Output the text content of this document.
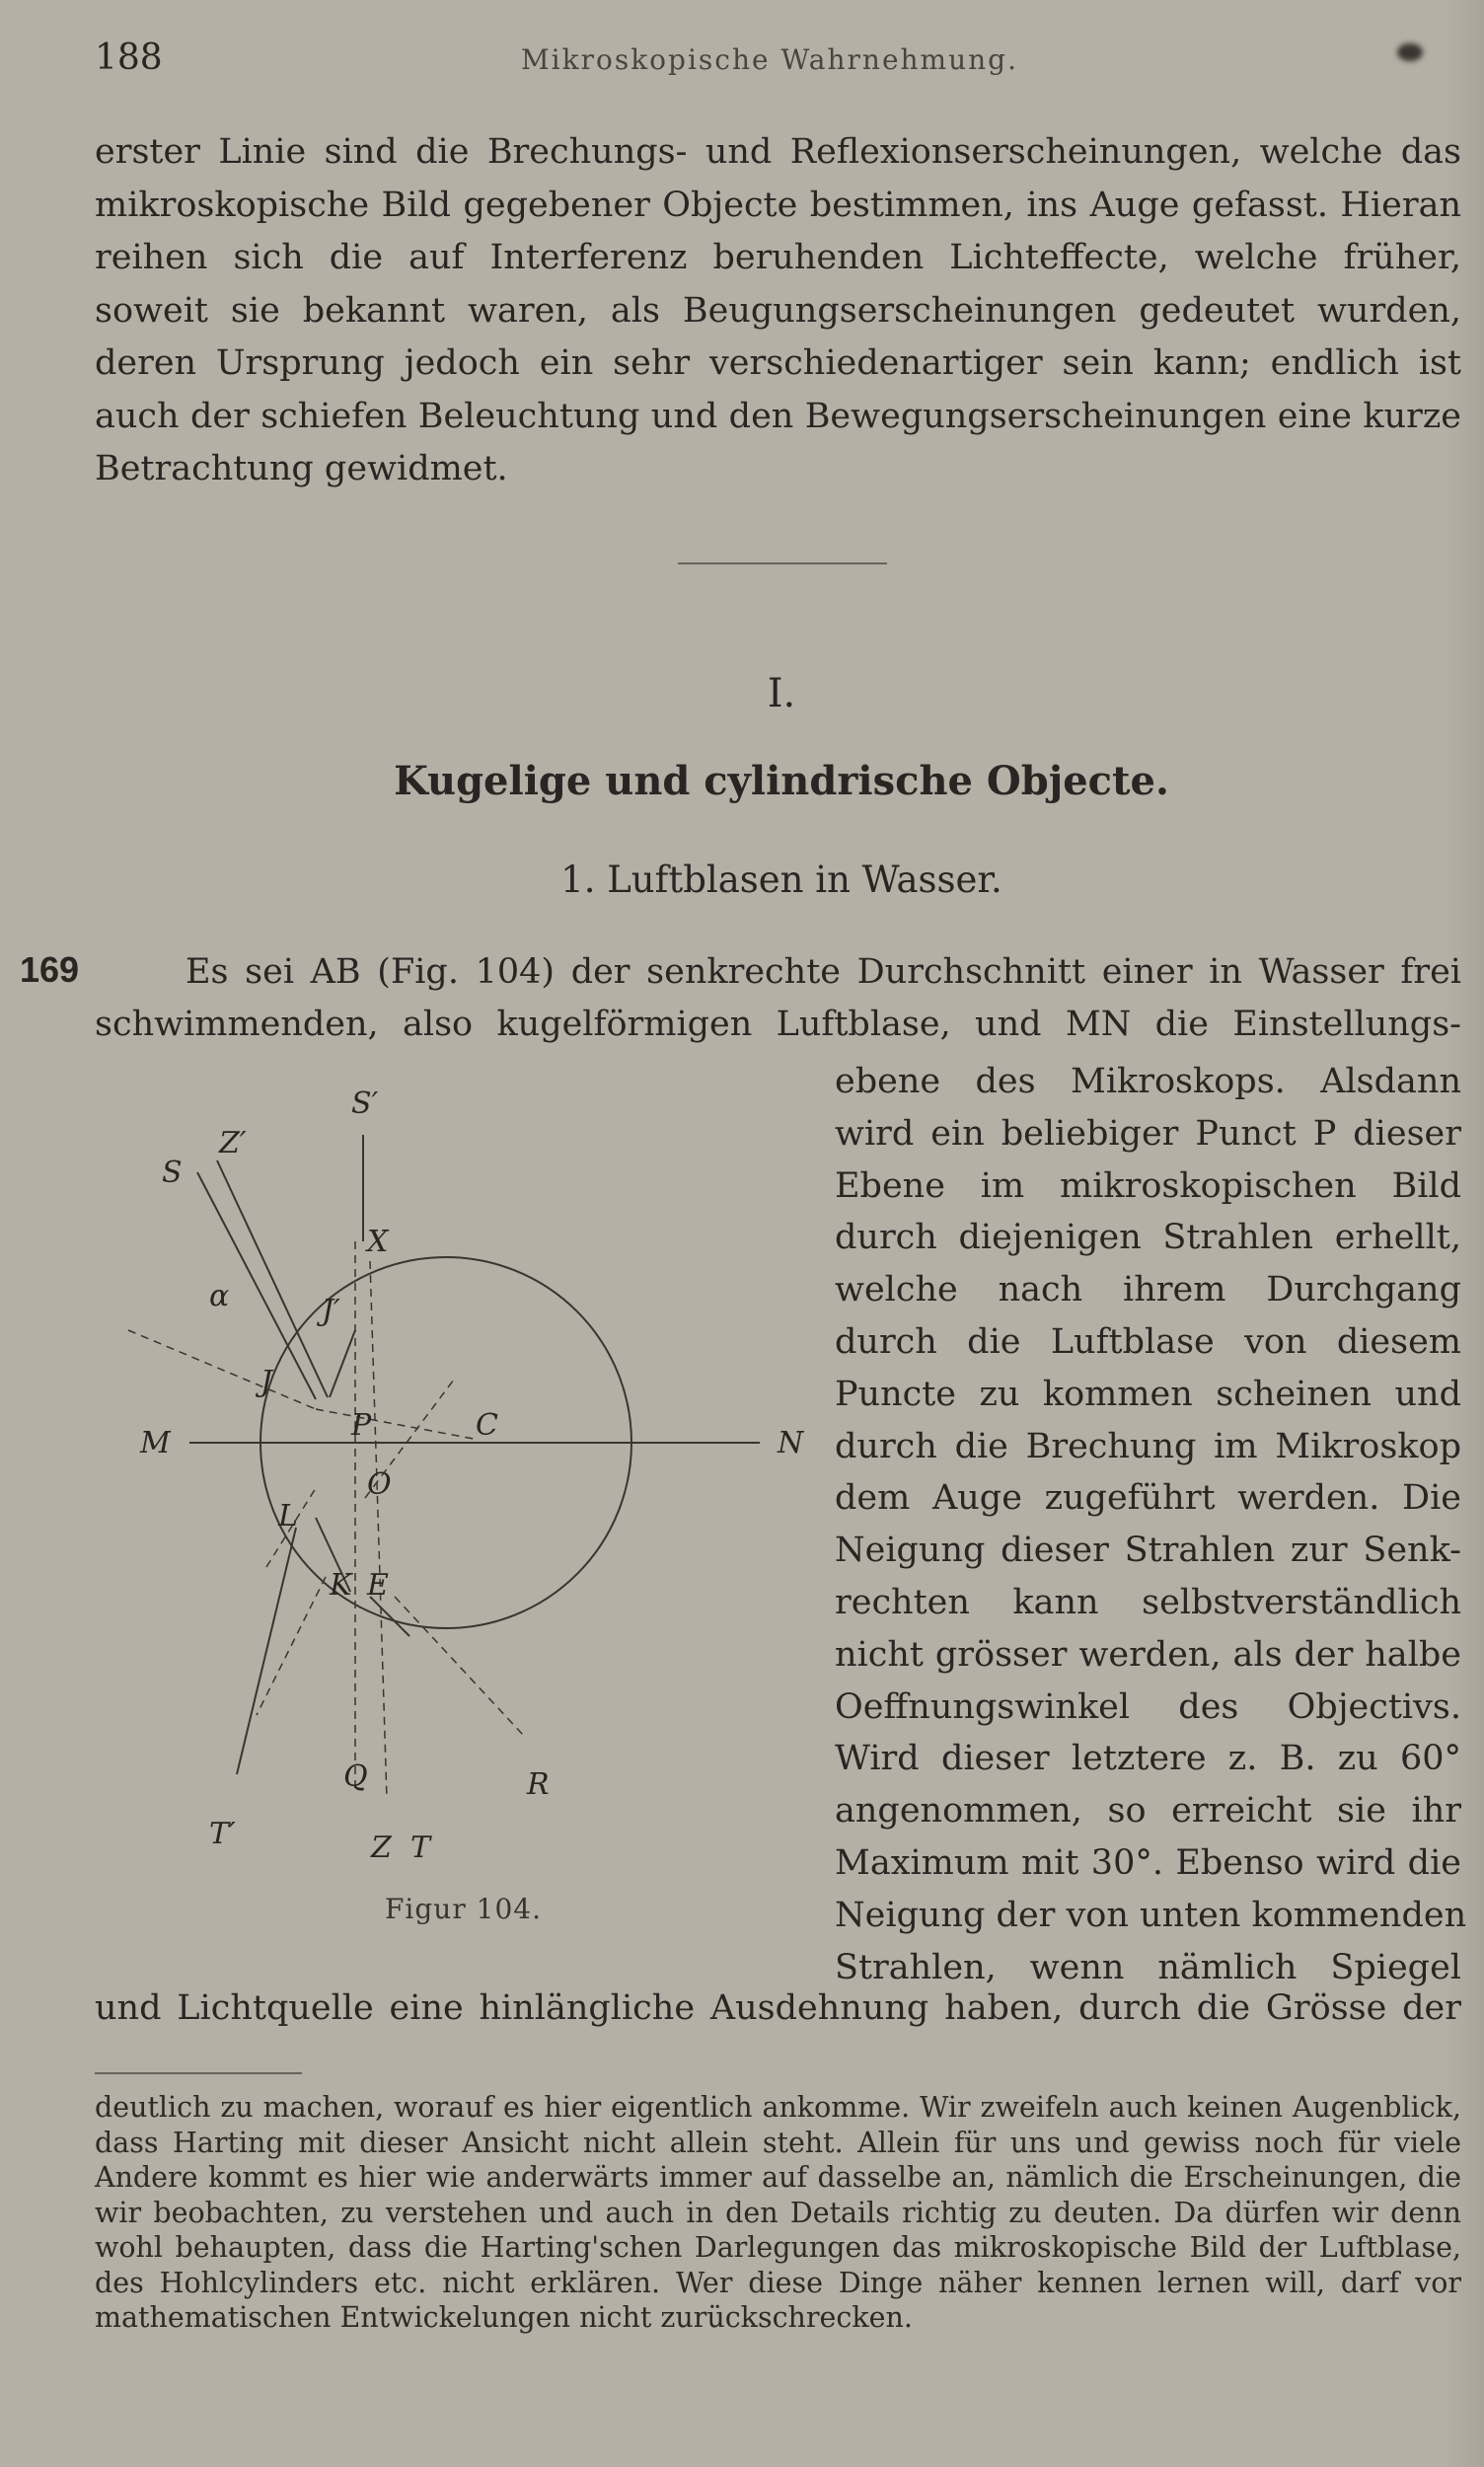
188	Mikroskopische Wahrnehmung.

erster Linie sind die Brechungs- und Reflexionserscheinungen, welche das mikroskopische Bild gegebener Objecte bestimmen, ins Auge gefasst. Hieran reihen sich die auf Interferenz beruhenden Lichteffecte, welche früher, soweit sie bekannt waren, als Beugungserscheinungen gedeutet wurden, deren Ursprung jedoch ein sehr verschiedenartiger sein kann; endlich ist auch der schiefen Beleuchtung und den Bewegungserscheinungen eine kurze Betrachtung gewidmet.

I.
Kugelige und cylindrische Objecte.
1. Luftblasen in Wasser.
169	Es sei AB (Fig. 104) der senkrechte Durchschnitt einer in Wasser frei
schwimmenden, also kugelförmigen Luftblase, und MN die Einstellungs-
ebene des Mikroskops. Alsdann
wird ein beliebiger Punct P dieser
Ebene im mikroskopischen Bild
durch diejenigen Strahlen erhellt,
welche nach ihrem Durchgang
durch die Luftblase von diesem
Puncte zu kommen scheinen und
durch die Brechung im Mikroskop
dem Auge zugeführt werden. Die
Neigung dieser Strahlen zur Senk-
rechten kann selbstverständlich
nicht grösser werden, als der halbe
Oeffnungswinkel des Objectivs.
Wird dieser letztere z. B. zu 60°
angenommen, so erreicht sie ihr
Maximum mit 30°. Ebenso wird die
Neigung der von unten kommenden
Strahlen, wenn nämlich Spiegel
S′
Z′
S
X
α	J′
J
M
P	C
N
O
L
K E
Q	R
T′	Z T
Figur 104.
und Lichtquelle eine hinlängliche Ausdehnung haben, durch die Grösse der

deutlich zu machen, worauf es hier eigentlich ankomme. Wir zweifeln auch keinen Augenblick, dass Harting mit dieser Ansicht nicht allein steht. Allein für uns und gewiss noch für viele Andere kommt es hier wie anderwärts immer auf dasselbe an, nämlich die Erscheinungen, die wir beobachten, zu verstehen und auch in den Details richtig zu deuten. Da dürfen wir denn wohl behaupten, dass die Harting'schen Darlegungen das mikroskopische Bild der Luftblase, des Hohlcylinders etc. nicht erklären. Wer diese Dinge näher kennen lernen will, darf vor mathematischen Entwickelungen nicht zurückschrecken.
